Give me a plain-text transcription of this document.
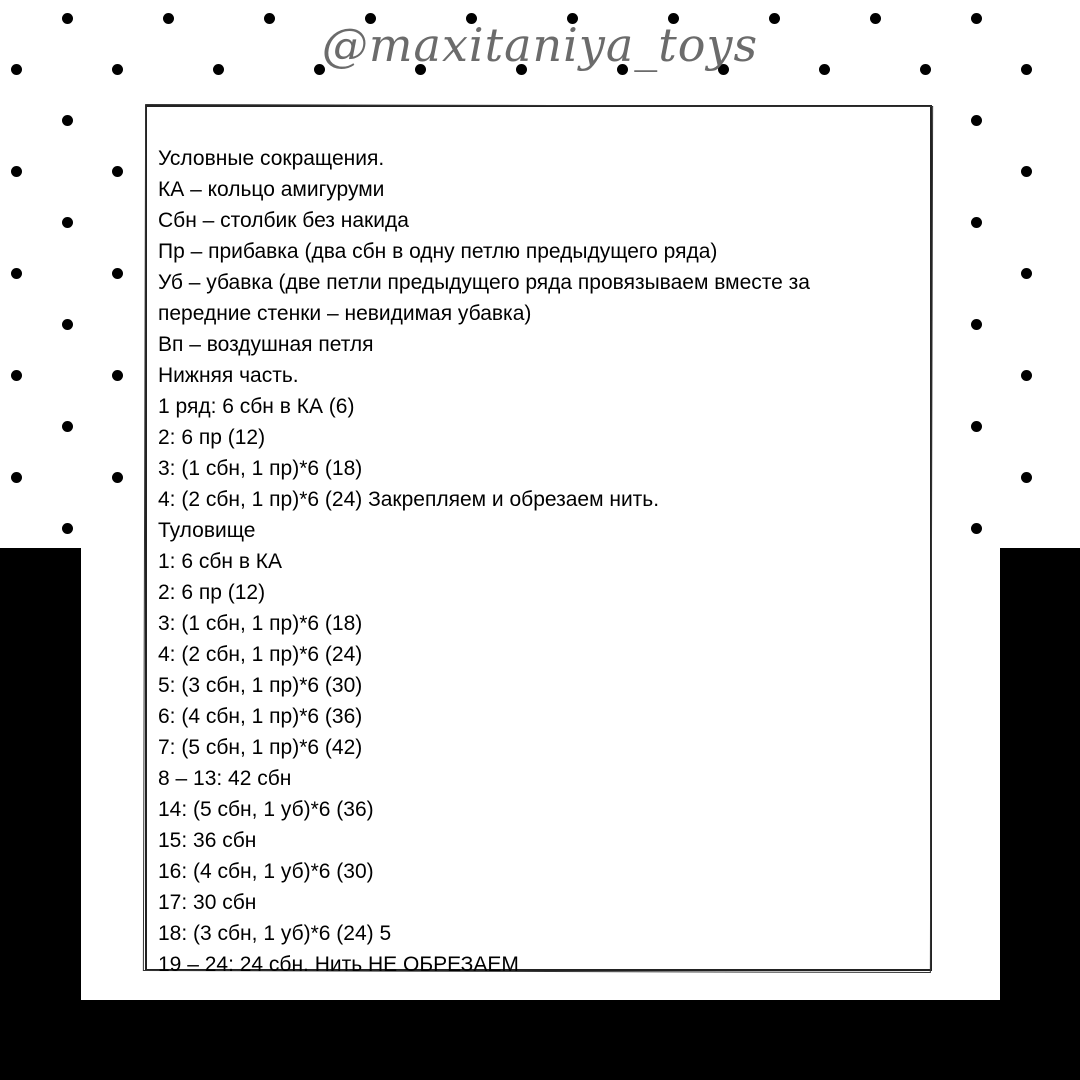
@maxitaniya_toys
Условные сокращения.
КА – кольцо амигуруми
Сбн – столбик без накида
Пр – прибавка (два сбн в одну петлю предыдущего ряда)
Уб – убавка (две петли предыдущего ряда провязываем вместе за
передние стенки – невидимая убавка)
Вп – воздушная петля
Нижняя часть.
1 ряд: 6 сбн в КА (6)
2: 6 пр (12)
3: (1 сбн, 1 пр)*6 (18)
4: (2 сбн, 1 пр)*6 (24) Закрепляем и обрезаем нить.
Туловище
1: 6 сбн в КА
2: 6 пр (12)
3: (1 сбн, 1 пр)*6 (18)
4: (2 сбн, 1 пр)*6 (24)
5: (3 сбн, 1 пр)*6 (30)
6: (4 сбн, 1 пр)*6 (36)
7: (5 сбн, 1 пр)*6 (42)
8 – 13: 42 сбн
14: (5 сбн, 1 уб)*6 (36)
15: 36 сбн
16: (4 сбн, 1 уб)*6 (30)
17: 30 сбн
18: (3 сбн, 1 уб)*6 (24) 5
19 – 24: 24 сбн. Нить НЕ ОБРЕЗАЕМ
